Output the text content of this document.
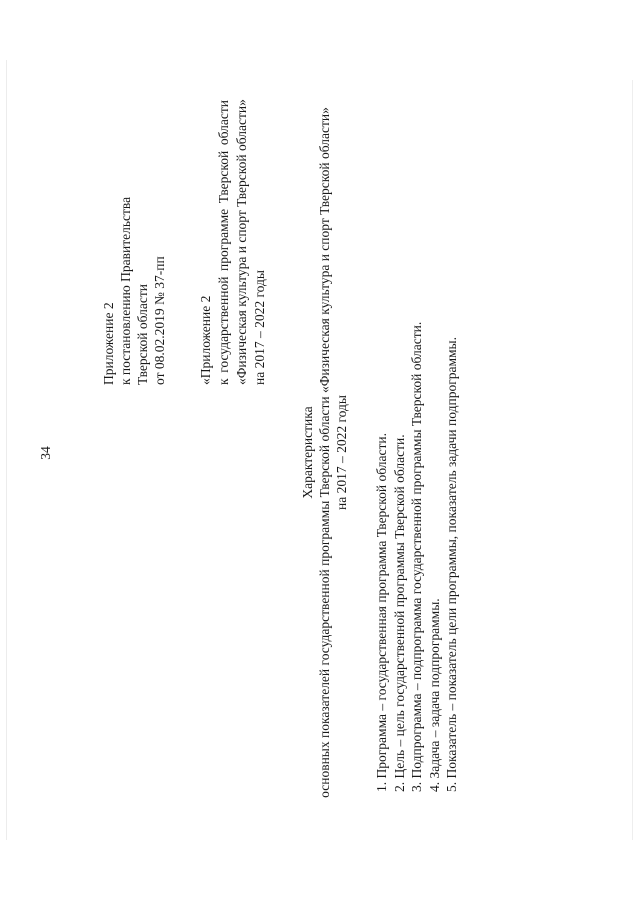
34
Приложение 2 к постановлению Правительства Тверской области от 08.02.2019 № 37-пп «Приложение 2 к государственной программе Тверской области «Физическая культура и спорт Тверской области» на 2017 – 2022 годы
Характеристика основных показателей государственной программы Тверской области «Физическая культура и спорт Тверской области» на 2017 – 2022 годы 1. Программа – государственная программа Тверской области. 2. Цель – цель государственной программы Тверской области. 3. Подпрограмма – подпрограмма государственной программы Тверской области. 4. Задача – задача подпрограммы. 5. Показатель – показатель цели программы, показатель задачи подпрограммы.
